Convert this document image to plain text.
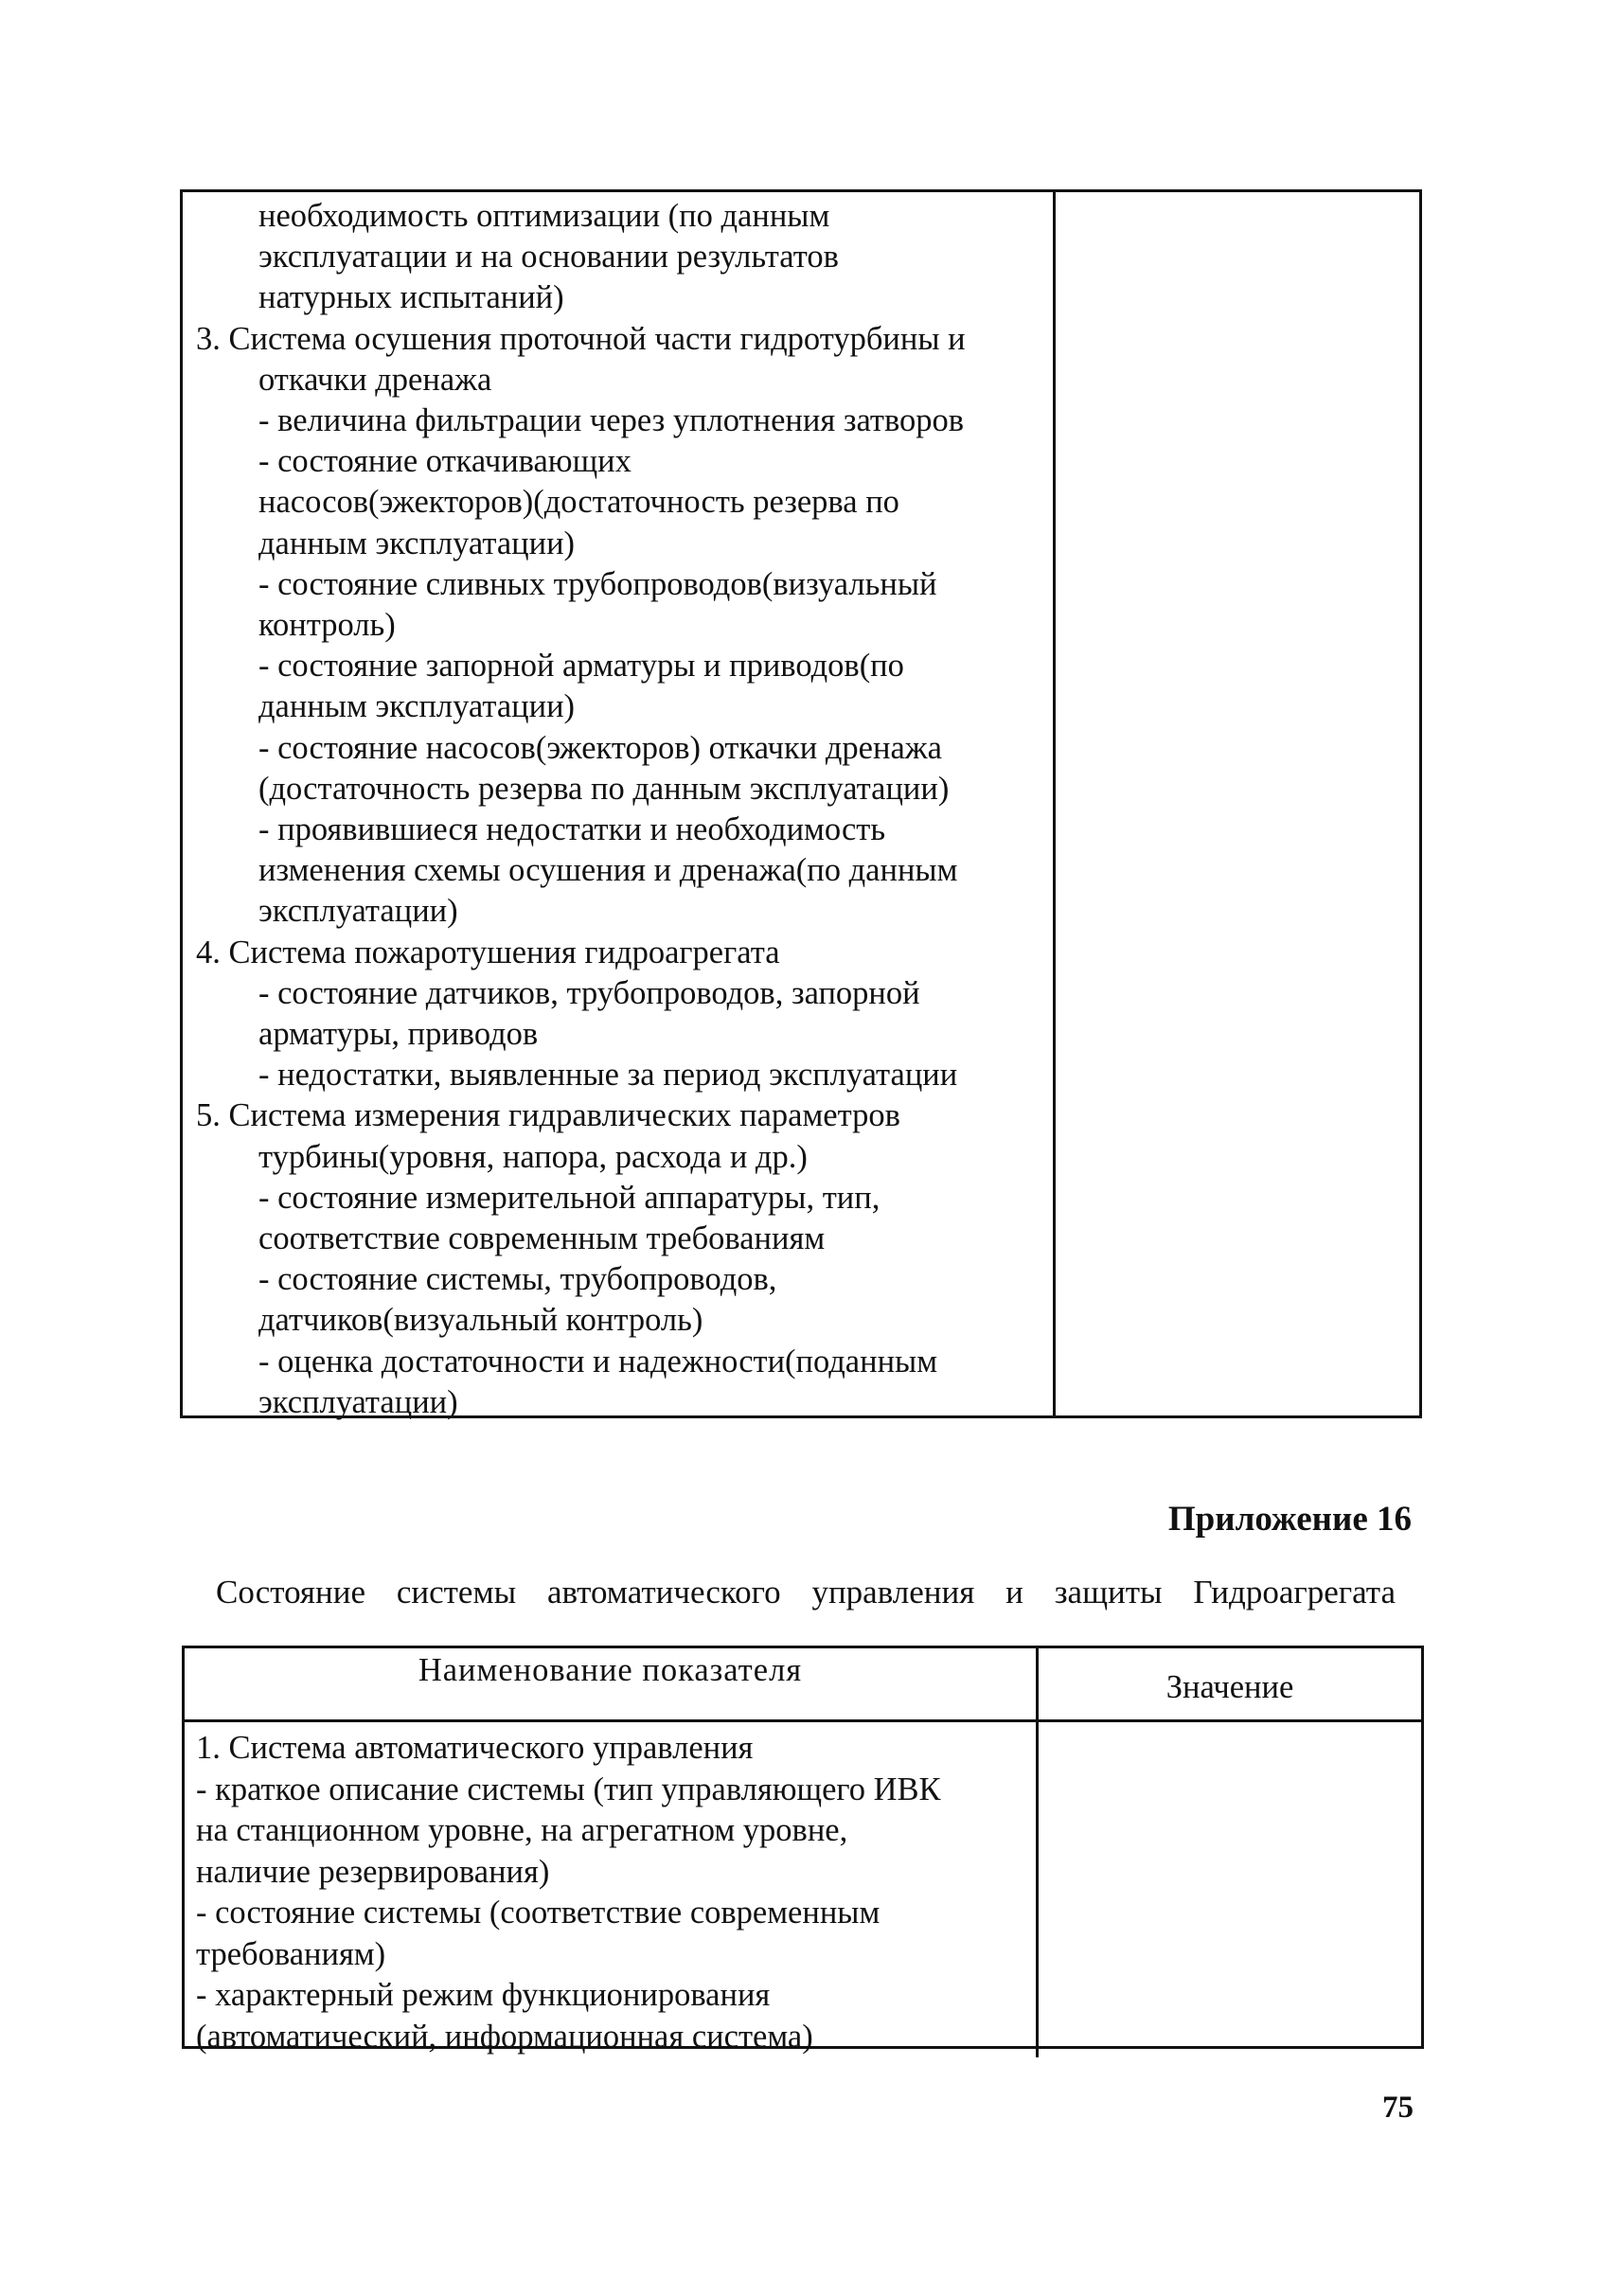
необходимость оптимизации (по данным
эксплуатации и на основании результатов
натурных испытаний)
3. Система осушения проточной части гидротурбины и
откачки дренажа
- величина фильтрации через уплотнения затворов
- состояние откачивающих
насосов(эжекторов)(достаточность резерва по
данным эксплуатации)
- состояние сливных трубопроводов(визуальный
контроль)
- состояние запорной арматуры и приводов(по
данным эксплуатации)
- состояние насосов(эжекторов) откачки дренажа
(достаточность резерва по данным эксплуатации)
- проявившиеся недостатки и необходимость
изменения схемы осушения и дренажа(по данным
эксплуатации)
4. Система пожаротушения гидроагрегата
- состояние датчиков, трубопроводов, запорной
арматуры, приводов
- недостатки, выявленные за период эксплуатации
5. Система измерения гидравлических параметров
турбины(уровня, напора, расхода и др.)
- состояние измерительной аппаратуры, тип,
соответствие современным требованиям
- состояние системы, трубопроводов,
датчиков(визуальный контроль)
- оценка достаточности и надежности(поданным
эксплуатации)
Приложение 16
Состояние системы автоматического управления и защиты Гидроагрегата
Наименование показателя	Значение
1. Система автоматического управления
- краткое описание системы (тип управляющего ИВК
на станционном уровне, на агрегатном уровне,
наличие резервирования)
- состояние системы (соответствие современным
требованиям)
- характерный режим функционирования
(автоматический, информационная система)
75
